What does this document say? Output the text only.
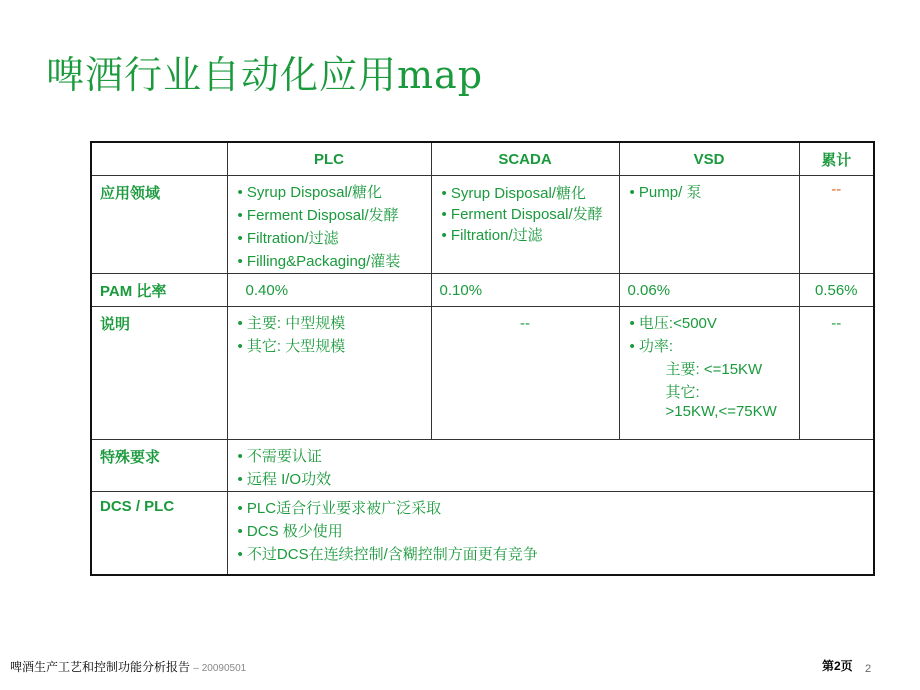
啤酒行业自动化应用map
	PLC	SCADA	VSD	累计
应用领域	• Syrup Disposal/糖化
• Ferment Disposal/发酵
• Filtration/过滤
• Filling&Packaging/灌装	• Syrup Disposal/糖化
• Ferment Disposal/发酵
• Filtration/过滤	• Pump/ 泵	--
PAM 比率	0.40%	0.10%	0.06%	0.56%
说明	• 主要: 中型规模
• 其它: 大型规模	--	• 电压:<500V
• 功率:
主要: <=15KW
其它:
>15KW,<=75KW	--
特殊要求	• 不需要认证
• 远程 I/O功效

DCS / PLC	• PLC适合行业要求被广泛采取
• DCS 极少使用
• 不过DCS在连续控制/含糊控制方面更有竞争
啤酒生产工艺和控制功能分析报告 – 20090501	第2页 2
